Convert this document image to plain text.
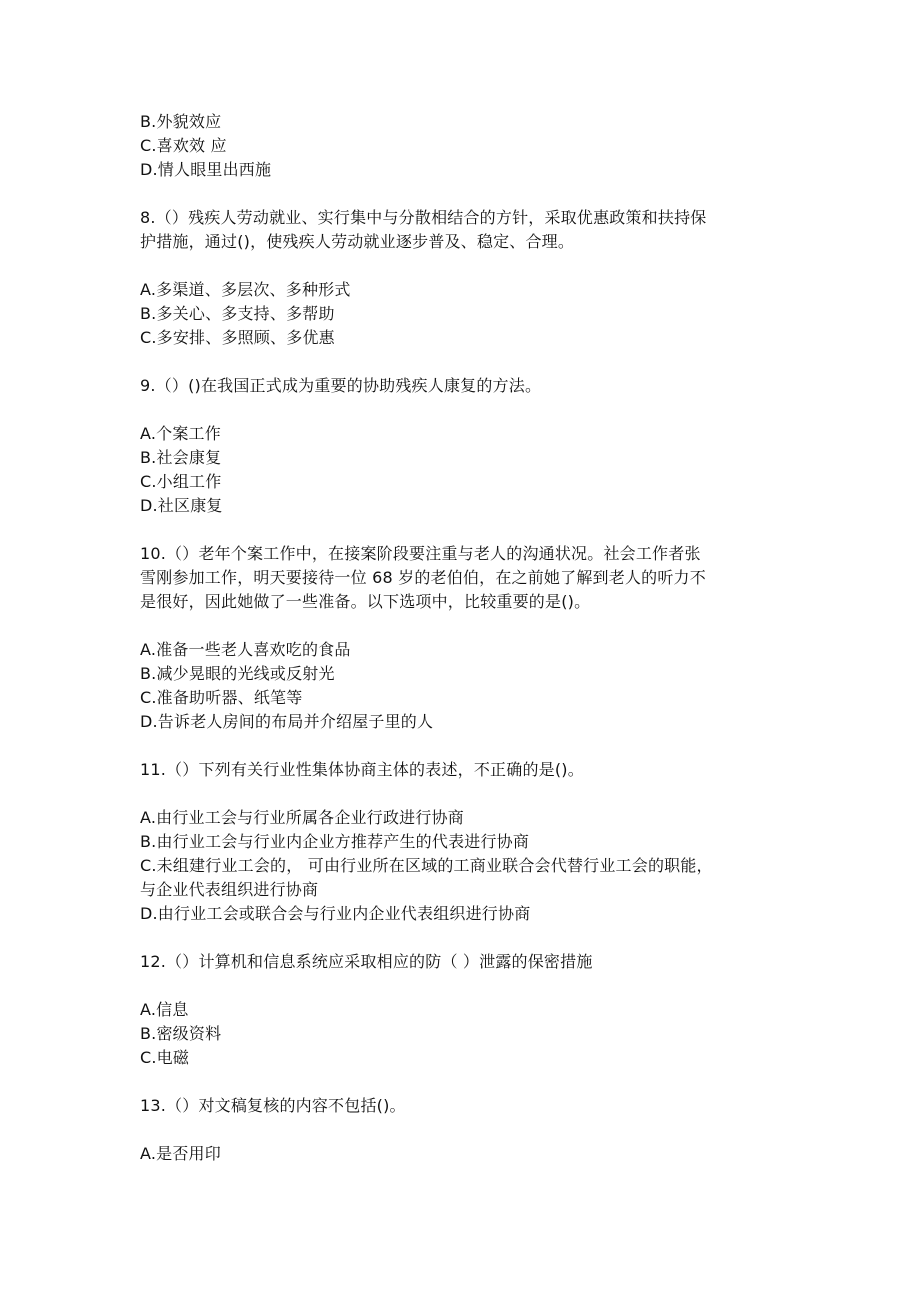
B.外貌效应
C.喜欢效 应
D.情人眼里出西施
8.（）残疾人劳动就业、实行集中与分散相结合的方针，采取优惠政策和扶持保
护措施，通过()，使残疾人劳动就业逐步普及、稳定、合理。
A.多渠道、多层次、多种形式
B.多关心、多支持、多帮助
C.多安排、多照顾、多优惠
9.（）()在我国正式成为重要的协助残疾人康复的方法。
A.个案工作
B.社会康复
C.小组工作
D.社区康复
10.（）老年个案工作中，在接案阶段要注重与老人的沟通状况。社会工作者张
雪刚参加工作，明天要接待一位 68 岁的老伯伯，在之前她了解到老人的听力不
是很好，因此她做了一些准备。以下选项中，比较重要的是()。
A.准备一些老人喜欢吃的食品
B.减少晃眼的光线或反射光
C.准备助听器、纸笔等
D.告诉老人房间的布局并介绍屋子里的人
11.（）下列有关行业性集体协商主体的表述，不正确的是()。
A.由行业工会与行业所属各企业行政进行协商
B.由行业工会与行业内企业方推荐产生的代表进行协商
C.未组建行业工会的， 可由行业所在区域的工商业联合会代替行业工会的职能，
与企业代表组织进行协商
D.由行业工会或联合会与行业内企业代表组织进行协商
12.（）计算机和信息系统应采取相应的防（ ）泄露的保密措施
A.信息
B.密级资料
C.电磁
13.（）对文稿复核的内容不包括()。
A.是否用印
